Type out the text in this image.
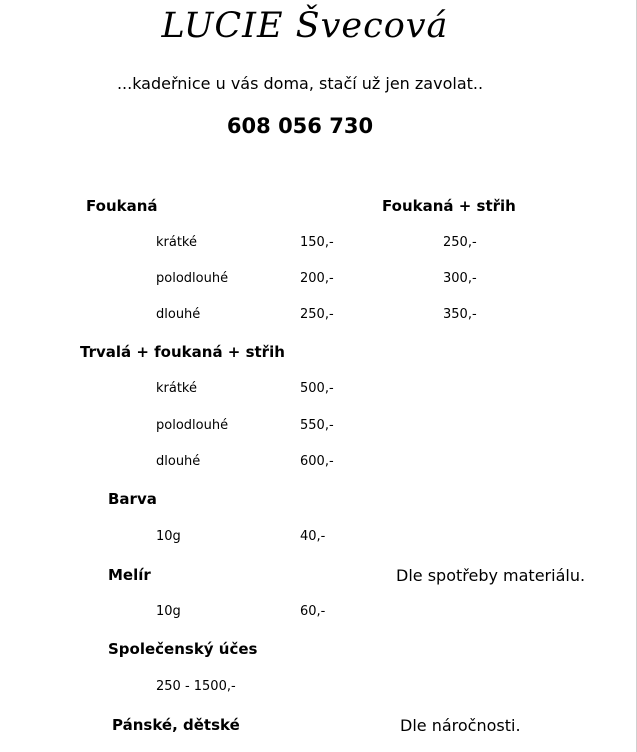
LUCIE Švecová
...kadeřnice u vás doma, stačí už jen zavolat..
608 056 730
Foukaná	Foukaná + střih
krátké	150,-	250,-
polodlouhé	200,-	300,-
dlouhé	250,-	350,-
Trvalá + foukaná + střih
krátké	500,-
polodlouhé	550,-
dlouhé	600,-
Barva
10g	40,-
Melír	Dle spotřeby materiálu.
10g	60,-
Společenský účes
250 - 1500,-
Pánské, dětské	Dle náročnosti.
